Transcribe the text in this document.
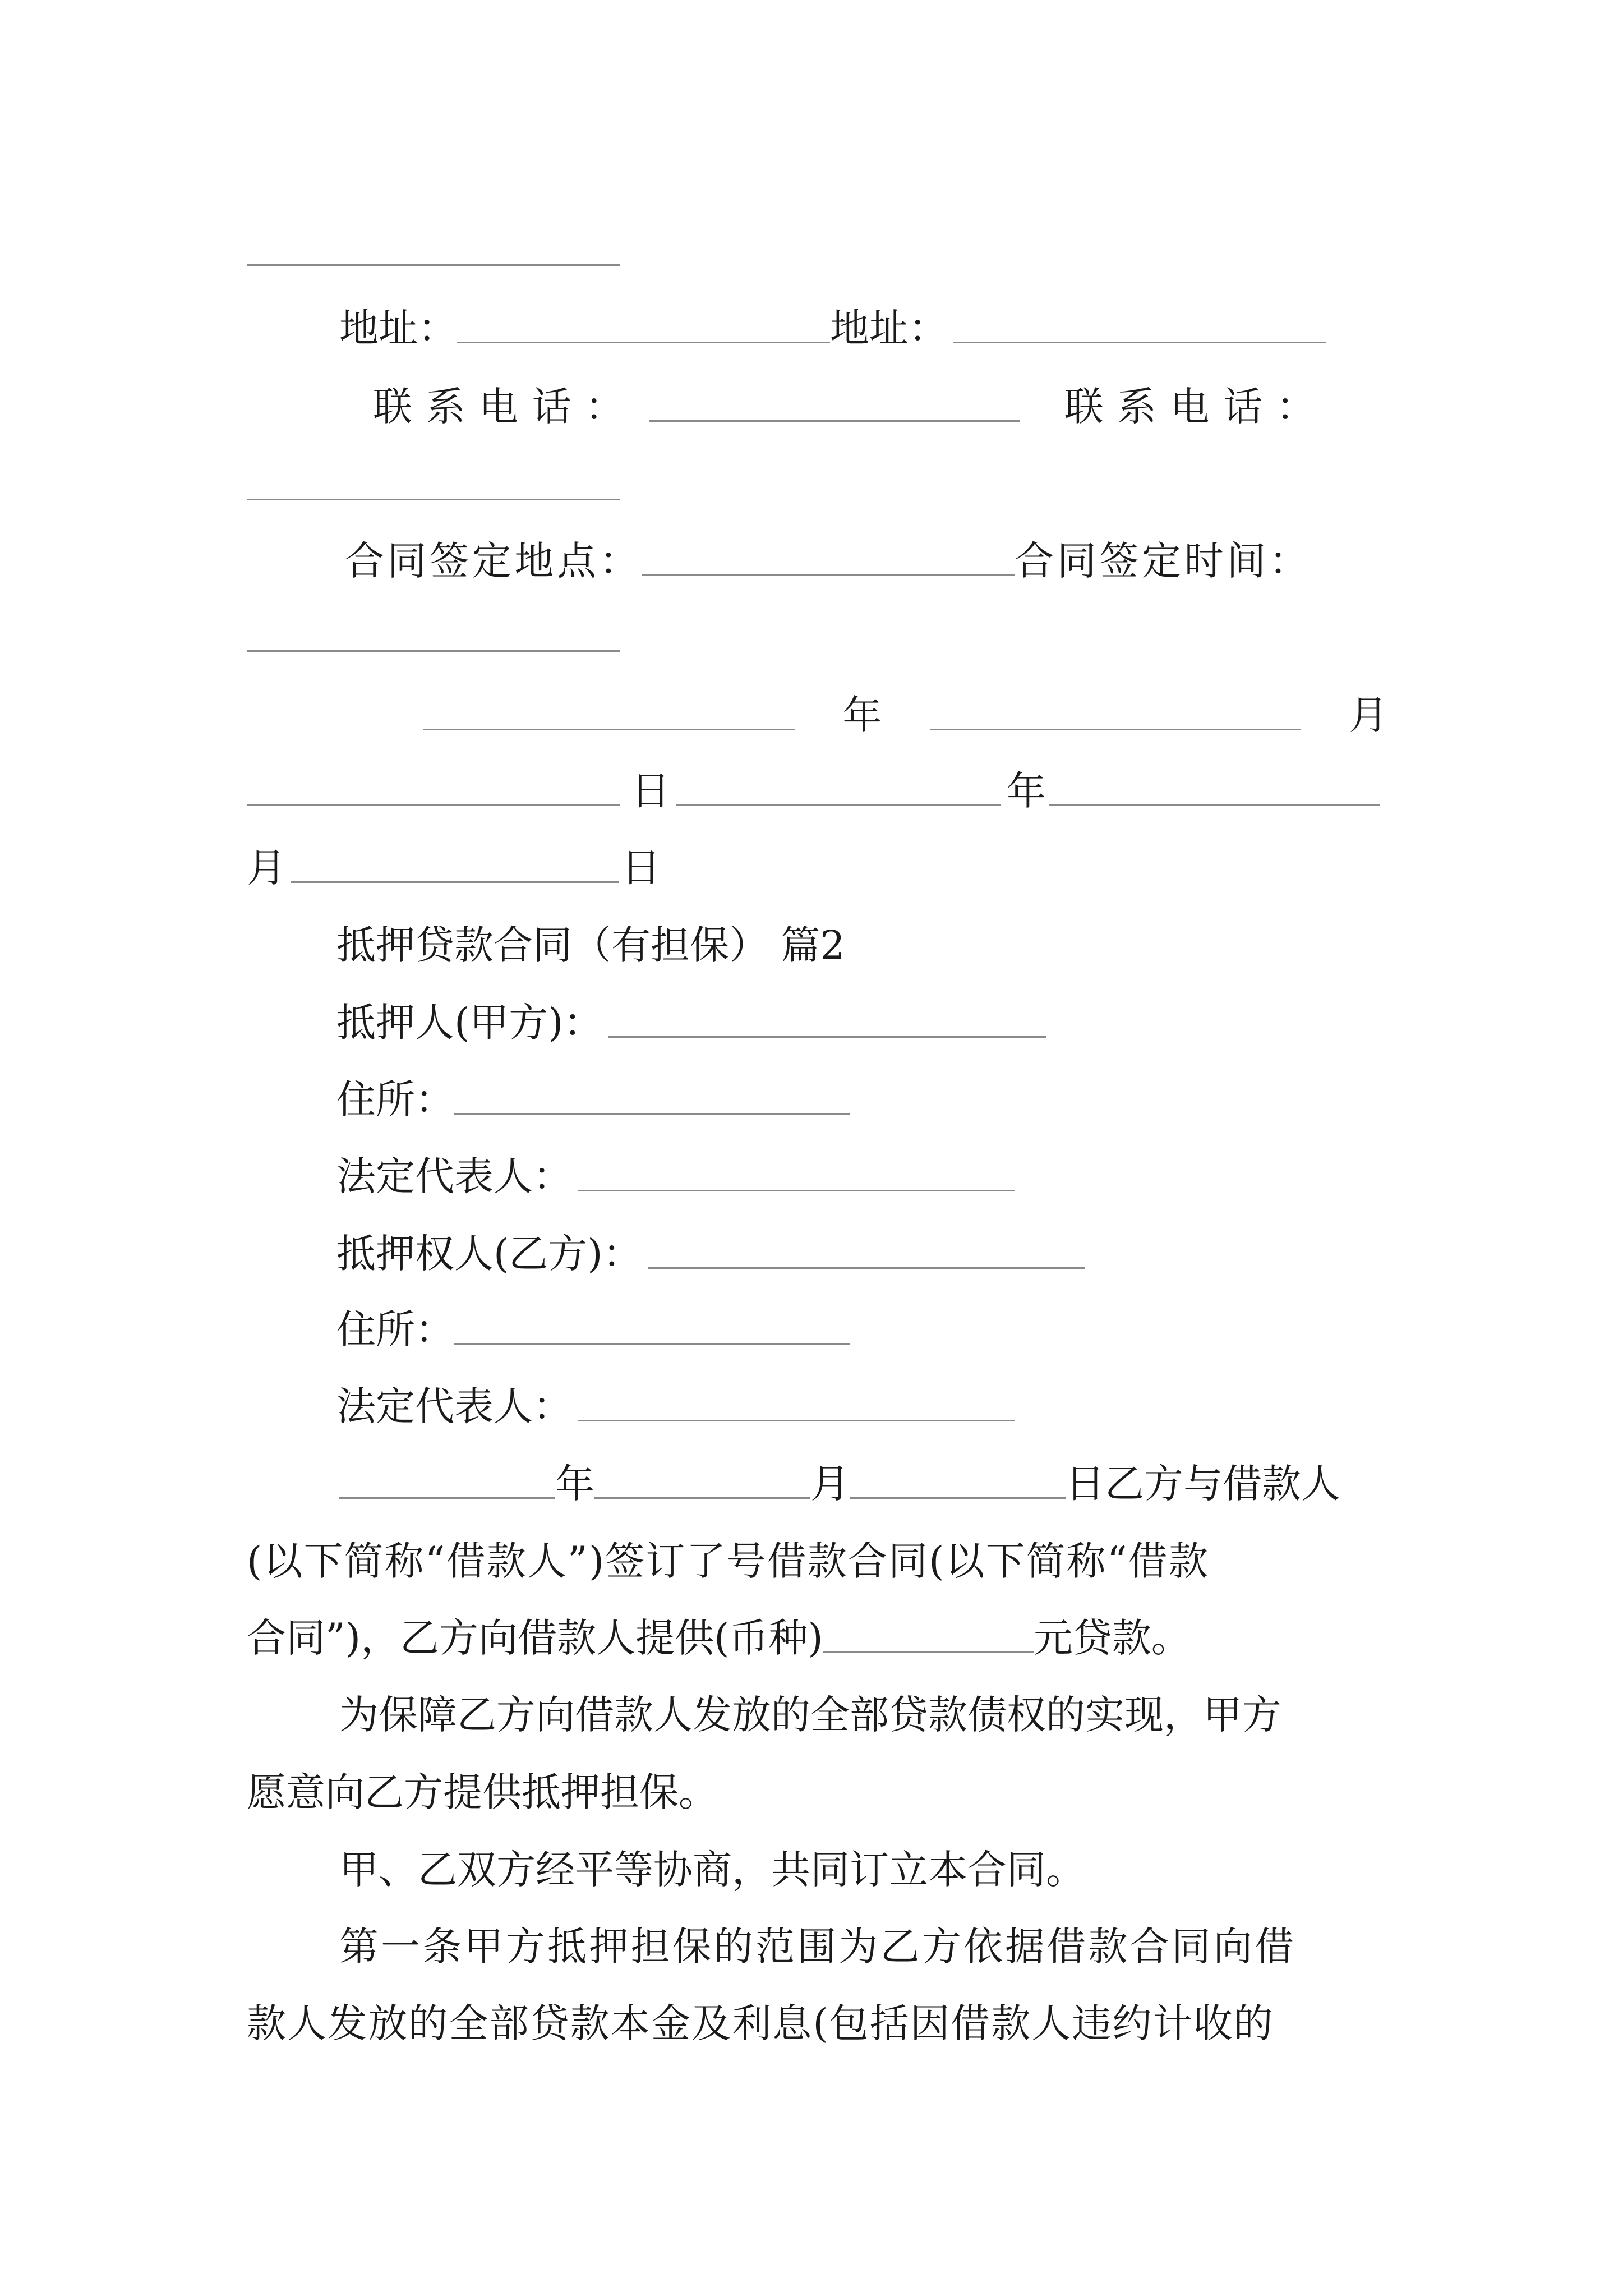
地址：	地址：
联系电话：	联系电话：
合同签定地点：	合同签定时间：
年	月
日	年
月	日
抵押贷款合同（有担保） 篇2
抵押人(甲方)：
住所：
法定代表人：
抵押权人(乙方)：
住所：
法定代表人：
年	月	日乙方与借款人
(以下简称“借款人”)签订了号借款合同(以下简称“借款
合同”)，乙方向借款人提供(币种)	元贷款。
为保障乙方向借款人发放的全部贷款债权的实现，甲方
愿意向乙方提供抵押担保。
甲、乙双方经平等协商，共同订立本合同。
第一条甲方抵押担保的范围为乙方依据借款合同向借
款人发放的全部贷款本金及利息(包括因借款人违约计收的
